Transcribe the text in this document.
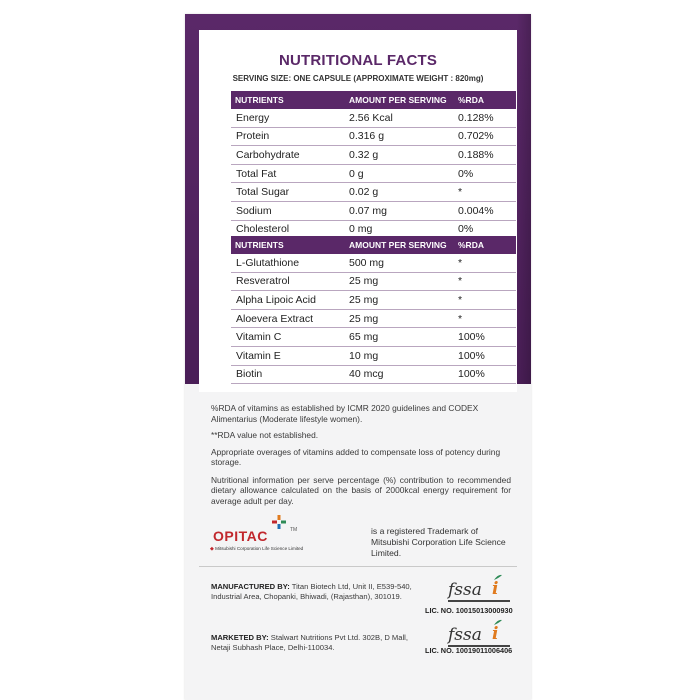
NUTRITIONAL FACTS
SERVING SIZE: ONE CAPSULE (APPROXIMATE WEIGHT : 820mg)
NUTRIENTS	AMOUNT PER SERVING	%RDA
Energy	2.56 Kcal	0.128%
Protein	0.316 g	0.702%
Carbohydrate	0.32 g	0.188%
Total Fat	0 g	0%
Total Sugar	0.02 g	*
Sodium	0.07 mg	0.004%
Cholesterol	0 mg	0%
NUTRIENTS	AMOUNT PER SERVING	%RDA
L-Glutathione	500 mg	*
Resveratrol	25 mg	*
Alpha Lipoic Acid	25 mg	*
Aloevera Extract	25 mg	*
Vitamin C	65 mg	100%
Vitamin E	10 mg	100%
Biotin	40 mcg	100%

%RDA of vitamins as established by ICMR 2020 guidelines and CODEX Alimentarius (Moderate lifestyle women).

**RDA value not established.

Appropriate overages of vitamins added to compensate loss of potency during storage.

Nutritional information per serve percentage (%) contribution to recommended dietary allowance calculated on the basis of 2000kcal energy requirement for average adult per day.

OPITAC	TM
◆ Mitsubishi Corporation Life Science Limited
is a registered Trademark of Mitsubishi Corporation Life Science Limited.
MANUFACTURED BY: Titan Biotech Ltd, Unit II, E539-540, Industrial Area, Chopanki, Bhiwadi, (Rajasthan), 301019.
MARKETED BY: Stalwart Nutritions Pvt Ltd. 302B, D Mall, Netaji Subhash Place, Delhi-110034.
fssa i
LIC. NO. 10015013000930
fssa i
LIC. NO. 10019011006406
